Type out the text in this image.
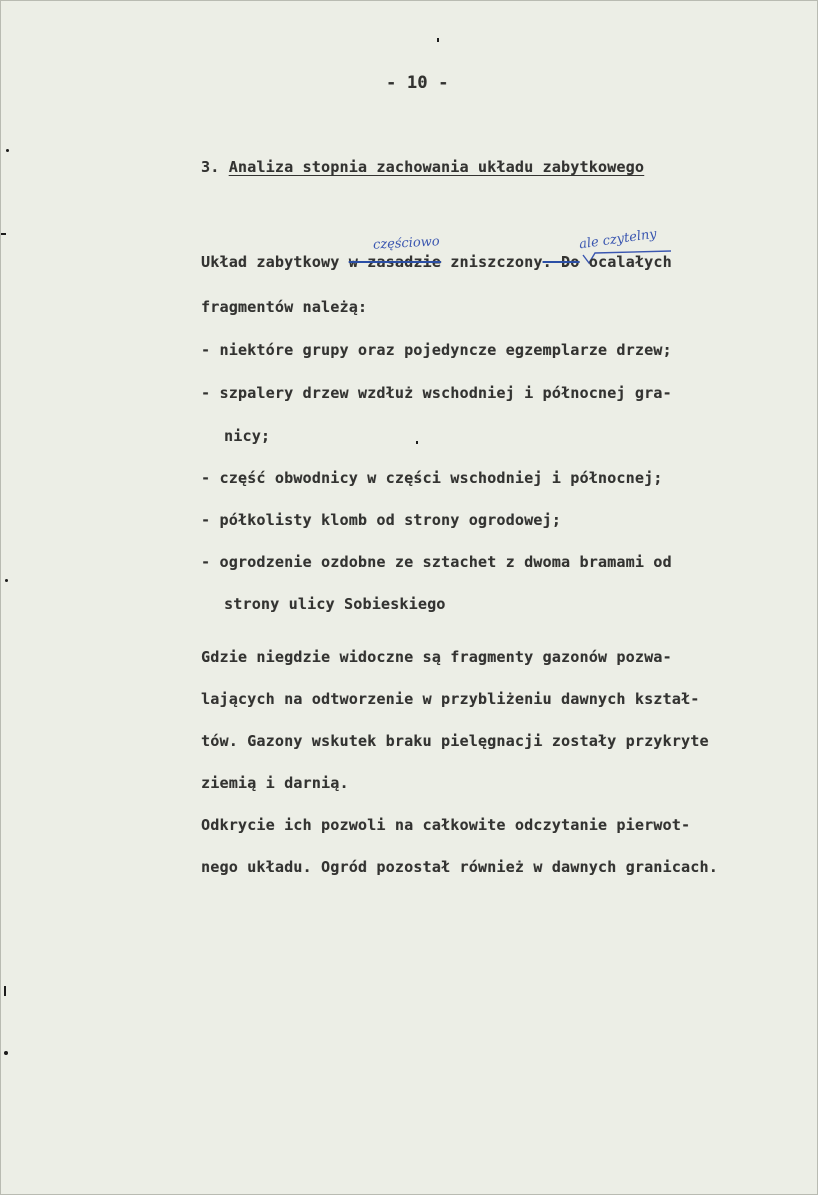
- 10 -
3. Analiza stopnia zachowania układu zabytkowego
częściowo	ale czytelny
Układ zabytkowy w zasadzie zniszczony. Do ocalałych
fragmentów należą:
- niektóre grupy oraz pojedyncze egzemplarze drzew;
- szpalery drzew wzdłuż wschodniej i północnej gra-
nicy;
- część obwodnicy w części wschodniej i północnej;
- półkolisty klomb od strony ogrodowej;
- ogrodzenie ozdobne ze sztachet z dwoma bramami od
strony ulicy Sobieskiego
Gdzie niegdzie widoczne są fragmenty gazonów pozwa-
lających na odtworzenie w przybliżeniu dawnych kształ-
tów. Gazony wskutek braku pielęgnacji zostały przykryte
ziemią i darnią.
Odkrycie ich pozwoli na całkowite odczytanie pierwot-
nego układu. Ogród pozostał również w dawnych granicach.
